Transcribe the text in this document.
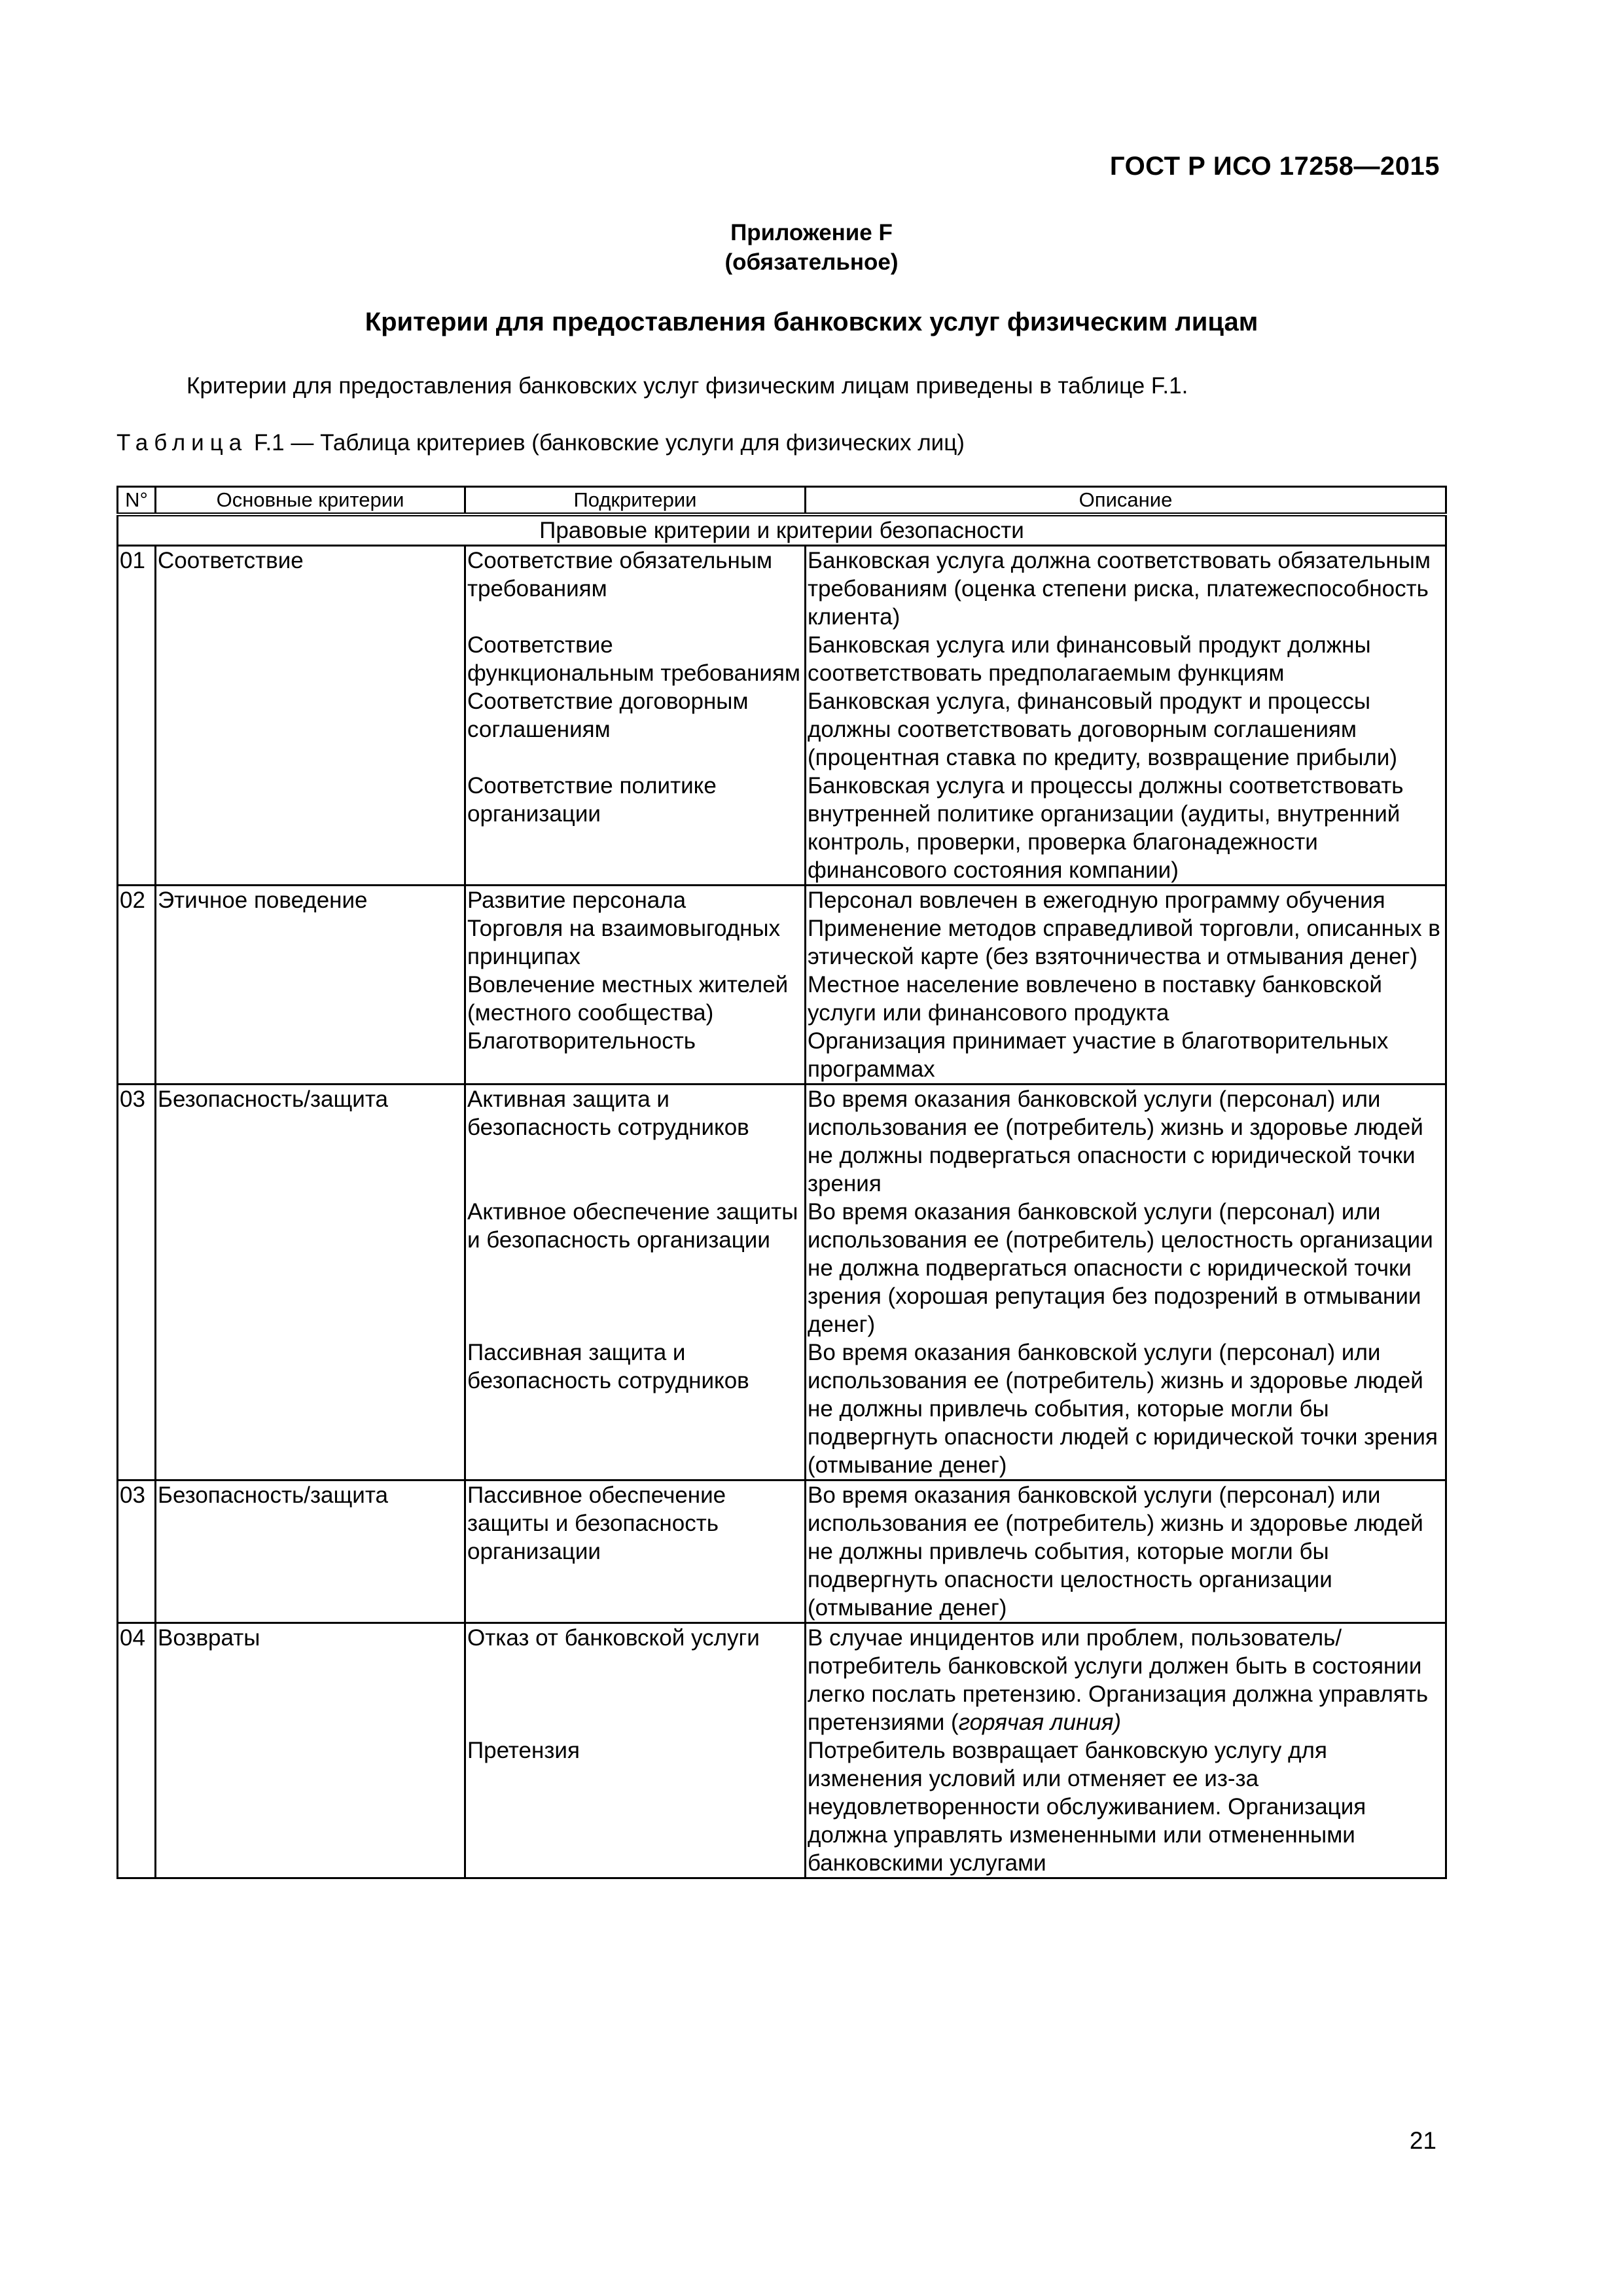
ГОСТ Р ИСО 17258—2015
Приложение F
(обязательное)
Критерии для предоставления банковских услуг физическим лицам
Критерии для предоставления банковских услуг физическим лицам приведены в таблице F.1.
Таблица F.1 — Таблица критериев (банковские услуги для физических лиц)
N°	Основные критерии	Подкритерии	Описание
Правовые критерии и критерии безопасности			
01	Соответствие	Соответствие обязательным требованиям	Банковская услуга должна соответствовать обязательным требованиям (оценка степени риска, платежеспособность клиента)
		Соответствие функциональным требованиям	Банковская услуга или финансовый продукт должны соответствовать предполагаемым функциям
		Соответствие договорным соглашениям	Банковская услуга, финансовый продукт и процессы должны соответствовать договорным соглашениям (процентная ставка по кредиту, возвращение прибыли)
		Соответствие политике организации	Банковская услуга и процессы должны соответствовать внутренней политике организации (аудиты, внутренний контроль, проверки, проверка благонадежности финансового состояния компании)
02	Этичное поведение	Развитие персонала	Персонал вовлечен в ежегодную программу обучения
		Торговля на взаимовыгодных принципах	Применение методов справедливой торговли, описанных в этической карте (без взяточничества и отмывания денег)
		Вовлечение местных жителей (местного сообщества)	Местное население вовлечено в поставку банковской услуги или финансового продукта
		Благотворительность	Организация принимает участие в благотворительных программах
03	Безопасность/защита	Активная защита и безопасность сотрудников	Во время оказания банковской услуги (персонал) или использования ее (потребитель) жизнь и здоровье людей не должны подвергаться опасности с юридической точки зрения
		Активное обеспечение защиты и безопасность организации	Во время оказания банковской услуги (персонал) или использования ее (потребитель) целостность организации не должна подвергаться опасности с юридической точки зрения (хорошая репутация без подозрений в отмывании денег)
		Пассивная защита и безопасность сотрудников	Во время оказания банковской услуги (персонал) или использования ее (потребитель) жизнь и здоровье людей не должны привлечь события, которые могли бы подвергнуть опасности людей с юридической точки зрения (отмывание денег)
03	Безопасность/защита	Пассивное обеспечение защиты и безопасность организации	Во время оказания банковской услуги (персонал) или использования ее (потребитель) жизнь и здоровье людей не должны привлечь события, которые могли бы подвергнуть опасности целостность организации (отмывание денег)
04	Возвраты	Отказ от банковской услуги	В случае инцидентов или проблем, пользователь/потребитель банковской услуги должен быть в состоянии легко послать претензию. Организация должна управлять претензиями (горячая линия)
		Претензия	Потребитель возвращает банковскую услугу для изменения условий или отменяет ее из-за неудовлетворенности обслуживанием. Организация должна управлять измененными или отмененными банковскими услугами
21
